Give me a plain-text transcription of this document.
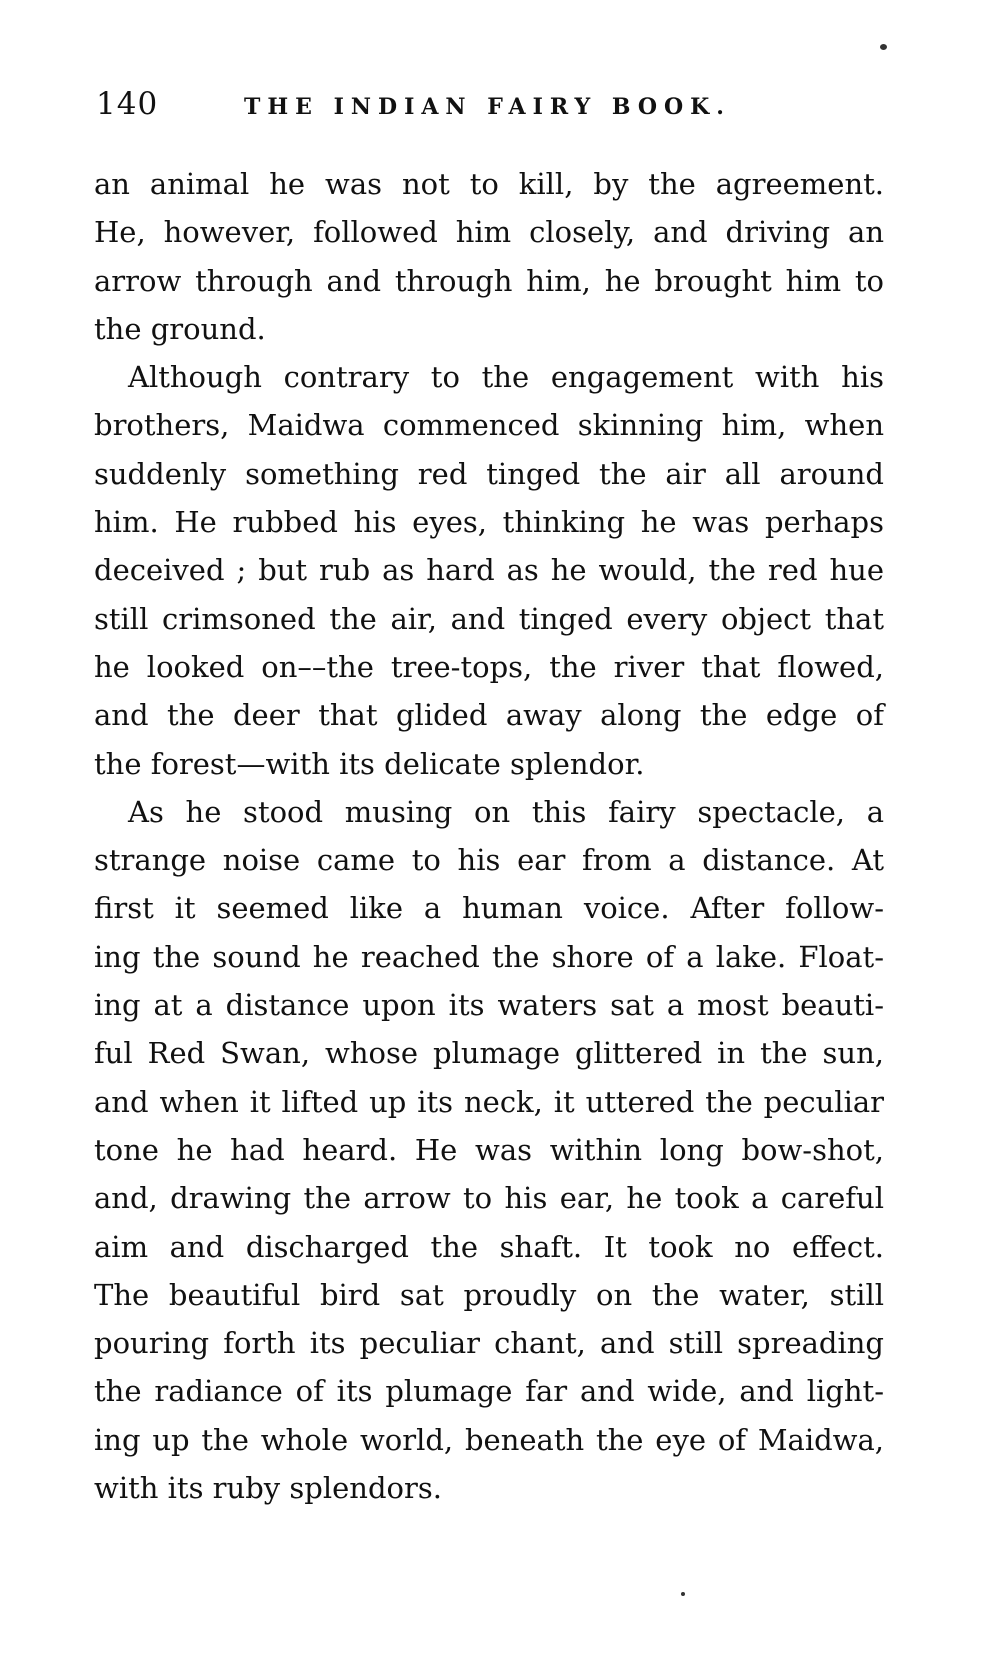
140	THE INDIAN FAIRY BOOK.
an animal he was not to kill, by the agreement.
He, however, followed him closely, and driving an
arrow through and through him, he brought him to
the ground.
Although contrary to the engagement with his
brothers, Maidwa commenced skinning him, when
suddenly something red tinged the air all around
him. He rubbed his eyes, thinking he was perhaps
deceived ; but rub as hard as he would, the red hue
still crimsoned the air, and tinged every object that
he looked on––the tree-tops, the river that flowed,
and the deer that glided away along the edge of
the forest—with its delicate splendor.
As he stood musing on this fairy spectacle, a
strange noise came to his ear from a distance. At
first it seemed like a human voice. After follow-
ing the sound he reached the shore of a lake. Float-
ing at a distance upon its waters sat a most beauti-
ful Red Swan, whose plumage glittered in the sun,
and when it lifted up its neck, it uttered the peculiar
tone he had heard. He was within long bow-shot,
and, drawing the arrow to his ear, he took a careful
aim and discharged the shaft. It took no effect.
The beautiful bird sat proudly on the water, still
pouring forth its peculiar chant, and still spreading
the radiance of its plumage far and wide, and light-
ing up the whole world, beneath the eye of Maidwa,
with its ruby splendors.
